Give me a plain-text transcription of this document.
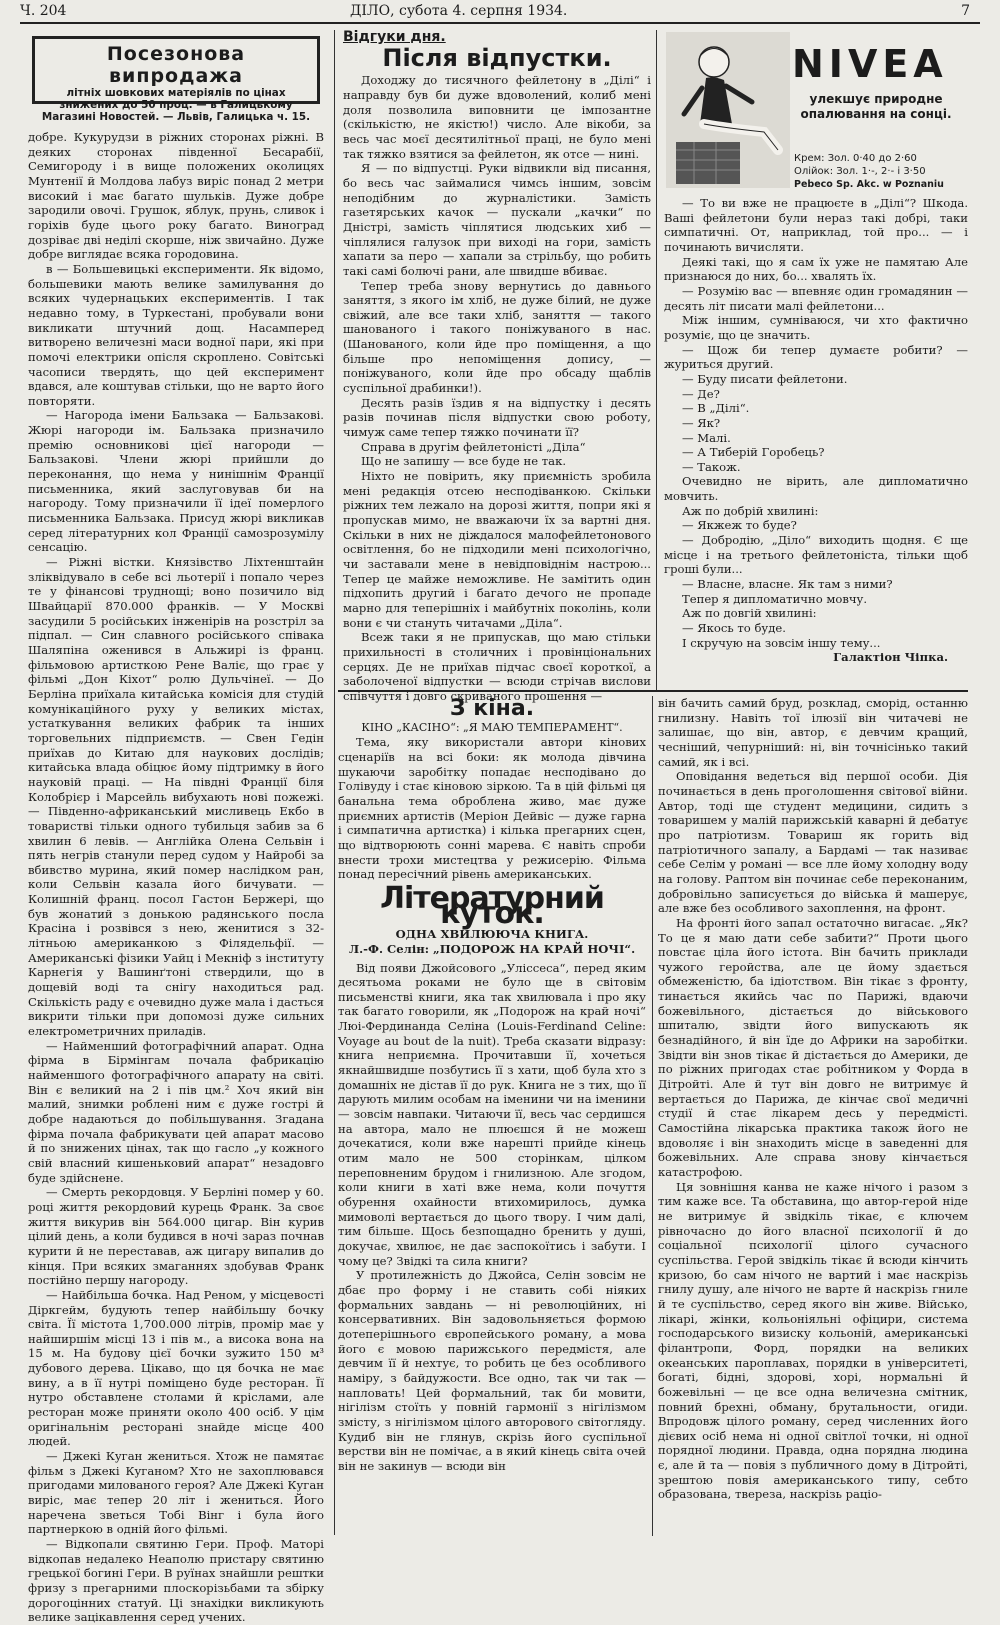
Ч. 204	ДІЛО, субота 4. серпня 1934.	7
Посезонова випродажа
літніх шовкових матеріялів по цінах знижених до 50 проц. — в Галицькому Магазині Новостей. — Львів, Галицька ч. 15.

добре. Кукурудзи в ріжних сторонах ріжні. В деяких сторонах південної Бесарабії, Семигороду і в вище положених околицях Мунтенії й Молдова лабуз виріс понад 2 метри високий і має багато шульків. Дуже добре зародили овочі. Грушок, яблук, прунь, сливок і горіхів буде цього року багато. Виноград дозріває дві неділі скорше, ніж звичайно. Дуже добре виглядає всяка городовина.

в — Большевицькі експерименти. Як відомо, большевики мають велике замилування до всяких чудернацьких експериментів. І так недавно тому, в Туркестані, пробували вони викликати штучний дощ. Насамперед витворено величезні маси водної пари, які при помочі електрики опісля скроплено. Совітські часописи твердять, що цей експеримент вдався, але коштував стільки, що не варто його повторяти.

— Нагорода імени Бальзака — Бальзакові. Жюрі нагороди ім. Бальзака призначило премію основникові цієї нагороди — Бальзакові. Члени жюрі прийшли до переконання, що нема у нинішнім Франції письменника, який заслуговував би на нагороду. Тому призначили її ідеї померлого письменника Бальзака. Присуд жюрі викликав серед літературних кол Франції самозрозумілу сенсацію.

— Ріжні вістки. Князівство Ліхтенштайн зліквідувало в себе всі льотерії і попало через те у фінансові труднощі; воно позичило від Швайцарії 870.000 франків. — У Москві засудили 5 російських інженірів на розстріл за підпал. — Син славного російського співака Шаляпіна оженився в Альжирі із франц. фільмовою артисткою Рене Валіє, що грає у фільмі „Дон Кіхот“ ролю Дульчінеї. — До Берліна приїхала китайська комісія для студій комунікаційного руху у великих містах, устаткування великих фабрик та інших торговельних підприємств. — Свен Гедін приїхав до Китаю для наукових дослідів; китайська влада обіцює йому підтримку в його науковій праці. — На півдні Франції біля Колобрієр і Марсейль вибухають нові пожежі. — Південно-африканський мисливець Екбо в товаристві тільки одного тубильця забив за 6 хвилин 6 левів. — Англійка Олена Сельвін і пять негрів станули перед судом у Найробі за вбивство мурина, який помер наслідком ран, коли Сельвін казала його бичувати. — Колишній франц. посол Гастон Бержері, що був жонатий з донькою радянського посла Красіна і розвівся з нею, женитися з 32-літньою американкою з Філядельфії. — Американські фізики Уайц і Мекніф з інституту Карнегія у Вашинґтоні ствердили, що в дощевій воді та снігу находиться рад. Скількість раду є очевидно дуже мала і дасться викрити тільки при допомозі дуже сильних електрометричних приладів.

— Найменший фотографічний апарат. Одна фірма в Бірмінгам почала фабрикацію найменшого фотографічного апарату на світі. Він є великий на 2 і пів цм.² Хоч який він малий, знимки роблені ним є дуже гострі й добре надаються до побільшування. Згадана фірма почала фабрикувати цей апарат масово й по знижених цінах, так що гасло „у кожного свій власний кишеньковий апарат“ незадовго буде здійснене.

— Смерть рекордовця. У Берліні помер у 60. році життя рекордовий курець Франк. За своє життя викурив він 564.000 цигар. Він курив цілий день, а коли будився в ночі зараз почнав курити й не переставав, аж цигару випалив до кінця. При всяких змаганнях здобував Франк постійно першу нагороду.

— Найбільша бочка. Над Реном, у місцевості Діркгейм, будують тепер найбільшу бочку світа. Її містота 1,700.000 літрів, промір має у найширшім місці 13 і пів м., а висока вона на 15 м. На будову цієї бочки зужито 150 м³ дубового дерева. Цікаво, що ця бочка не має вину, а в її нутрі поміщено буде ресторан. Її нутро обставлене столами й кріслами, але ресторан може приняти около 400 осіб. У цім оригінальнім ресторані знайде місце 400 людей.

— Джекі Куган жениться. Хтож не памятає фільм з Джекі Куганом? Хто не захоплювався пригодами милованого героя? Але Джекі Куган виріс, має тепер 20 літ і жениться. Його наречена зветься Тобі Вінг і була його партнеркою в одній його фільмі.

— Відкопали святиню Гери. Проф. Маторі відкопав недалеко Неаполю пристару святиню грецької богині Гери. В руїнах знайшли рештки фризу з прегарними плоскорізьбами та збірку дорогоцінних статуй. Ці знахідки викликують велике зацікавлення серед учених.

Відгуки дня.
Після відпустки.

Доходжу до тисячного фейлетону в „Ділі“ і направду був би дуже вдоволений, колиб мені доля позволила виповнити це імпозантне (скількістю, не якістю!) число. Але вікоби, за весь час моєї десятилітньої праці, не було мені так тяжко взятися за фейлетон, як отсе — нині.

Я — по відпустці. Руки відвикли від писання, бо весь час займалися чимсь іншим, зовсім неподібним до журналістики. Замість газетярських качок — пускали „качки“ по Дністрі, замість чіплятися людських хиб — чіплялися галузок при виході на гори, замість хапати за перо — хапали за стрільбу, що робить такі самі болючі рани, але швидше вбиває.

Тепер треба знову вернутись до давнього заняття, з якого ім хліб, не дуже білий, не дуже свіжий, але все таки хліб, заняття — такого шанованого і такого поніжуваного в нас. (Шанованого, коли йде про поміщення, а що більше про непоміщення допису, — поніжуваного, коли йде про обсаду щаблів суспільної драбинки!).

Десять разів їздив я на відпустку і десять разів починав після відпустки свою роботу, чимуж саме тепер тяжко починати її?

Справа в другім фейлетоністі „Діла“

Що не запишу — все буде не так.

Ніхто не повірить, яку приємність зробила мені редакція отсею несподіванкою. Скільки ріжних тем лежало на дорозі життя, попри які я пропускав мимо, не вважаючи їх за вартні дня. Скільки в них не діждалося малофейлетонового освітлення, бо не підходили мені психологічно, чи заставали мене в невідповіднім настрою... Тепер це майже неможливе. Не замітить один підхопить другий і багато дечого не пропаде марно для теперішніх і майбутніх поколінь, коли вони є чи стануть читачами „Діла“.

Всеж таки я не припускав, що маю стільки прихильності в столичних і провінціональних серцях. Де не приїхав підчас своєї короткої, а заболоченої відпустки — всюди стрічав вислови співчуття і довго скриваного прошення —

NIVEA
улекшує природне опалювання на сонці.
Крем: Зол. 0·40 до 2·60
Олійок: Зол. 1·-, 2·- і 3·50
Pebeco Sp. Akc. w Poznaniu

— То ви вже не працюєте в „Ділі“? Шкода. Ваші фейлетони були нераз такі добрі, таки симпатичні. От, наприклад, той про... — і починають вичисляти.

Деякі такі, що я сам їх уже не памятаю Але признаюся до них, бо... хвалять їх.

— Розумію вас — впевняє один громадянин — десять літ писати малі фейлетони...

Між іншим, сумніваюся, чи хто фактично розуміє, що це значить.

— Щож би тепер думаєте робити? — журиться другий.

— Буду писати фейлетони.

— Де?

— В „Ділі“.

— Як?

— Малі.

— А Тиберій Горобець?

— Також.

Очевидно не вірить, але дипломатично мовчить.

Аж по добрій хвилині:

— Якжеж то буде?

— Добродію, „Діло“ виходить щодня. Є ще місце і на третього фейлетоніста, тільки щоб гроші були...

— Власне, власне. Як там з ними?

Тепер я дипломатично мовчу.

Аж по довгій хвилині:

— Якось то буде.

І скручую на зовсім іншу тему...

Галактіон Чіпка.

З кіна.

КІНО „КАСІНО“: „Я МАЮ ТЕМПЕРАМЕНТ“.

Тема, яку використали автори кінових сценаріїв на всі боки: як молода дівчина шукаючи заробітку попадає несподівано до Голівуду і стає кіновою зіркою. Та в цій фільмі ця банальна тема оброблена живо, має дуже приємних артистів (Меріон Дейвіс — дуже гарна і симпатична артистка) і кілька прегарних сцен, що відтворюють сонні марева. Є навіть спроби внести трохи мистецтва у режисерію. Фільма понад пересічний рівень американських.

Літературний куток.

ОДНА ХВИЛЮЮЧА КНИГА.

Л.-Ф. Селін: „ПОДОРОЖ НА КРАЙ НОЧІ“.

Від появи Джойсового „Улісcеса“, перед яким десятьома роками не було ще в світовім письменстві книги, яка так хвилювала і про яку так багато говорили, як „Подорож на край ночі“ Люі-Фердинанда Селіна (Louis-Ferdinand Celine: Voyage au bout de la nuit). Треба сказати відразу: книга неприємна. Прочитавши її, хочеться якнайшвидше позбутись її з хати, щоб була хто з домашніх не дістав її до рук. Книга не з тих, що її дарують милим особам на іменини чи на іменини — зовсім навпаки. Читаючи її, весь час сердишся на автора, мало не плюєшся й не можеш дочекатися, коли вже нарешті прийде кінець отим мало не 500 сторінкам, цілком переповненим брудом і гнилизною. Але згодом, коли книги в хаті вже нема, коли почуття обурення охайности втихомирилось, думка мимоволі вертається до цього твору. І чим далі, тим більше. Щось безпощадно бренить у душі, докучає, хвилює, не дає заспокоїтись і забути. І чому це? Звідкі та сила книги?

У протилежність до Джойса, Селін зовсім не дбає про форму і не ставить собі ніяких формальних завдань — ні революційних, ні консервативних. Він задовольняється формою дотеперішнього європейського роману, а мова його є мовою парижського передмістя, але девчим її й нехтує, то робить це без особливого наміру, з байдужости. Все одно, так чи так — напловать! Цей формальний, так би мовити, нігілізм стоїть у повній гармонії з нігілізмом змісту, з нігілізмом цілого авторового світогляду. Кудиб він не глянув, скрізь його суспільної верстви він не помічає, а в який кінець світа очей він не закинув — всюди він

він бачить самий бруд, розклад, сморід, останню гнилизну. Навіть тої ілюзії він читачеві не залишає, що він, автор, є девчим кращий, чесніший, чепурніший: ні, він точнісінько такий самий, як і всі.

Оповідання ведеться від першої особи. Дія починається в день проголошення світової війни. Автор, тоді ще студент медицини, сидить з товаришем у малій парижській каварні й дебатує про патріотизм. Товариш як горить від патріотичного запалу, а Бардамі — так називає себе Селім у романі — все лле йому холодну воду на голову. Раптом він починає себе переконаним, добровільно записується до війська й машерує, але вже без особливого захоплення, на фронт.

На фронті його запал остаточно вигасає. „Як? То це я маю дати себе забити?“ Проти цього повстає ціла його істота. Він бачить приклади чужого геройства, але це йому здається обмеженістю, ба ідіотством. Він тікає з фронту, тинається якийсь час по Парижі, вдаючи божевільного, дістається до військового шпиталю, звідти його випускають як безнадійного, й він їде до Африки на заробітки. Звідти він знов тікає й дістається до Америки, де по ріжних пригодах стає робітником у Форда в Дітройті. Але й тут він довго не витримує й вертається до Парижа, де кінчає свої медичні студії й стає лікарем десь у передмісті. Самостійна лікарська практика також його не вдоволяє і він знаходить місце в заведенні для божевільних. Але справа знову кінчається катастрофою.

Ця зовнішня канва не каже нічого і разом з тим каже все. Та обставина, що автор-герой ніде не витримує й звідкіль тікає, є ключем рівночасно до його власної психології й до соціальної психології цілого сучасного суспільства. Герой звідкіль тікає й всюди кінчить кризою, бо сам нічого не вартий і має наскрізь гнилу душу, але нічого не варте й наскрізь гниле й те суспільство, серед якого він живе. Військо, лікарі, жінки, кольоніяльні офіцири, система господарського визиску кольоній, американські філантропи, Форд, порядки на великих океанських пароплавах, порядки в університеті, богаті, бідні, здорові, хорі, нормальні й божевільні — це все одна величезна смітник, повний брехні, обману, брутальности, огиди. Впродовж цілого роману, серед численних його дієвих осіб нема ні одної світлої точки, ні одної порядної людини. Правда, одна порядна людина є, але й та — повія з публичного дому в Дітройті, зрештою повія американського типу, себто образована, твереза, наскрізь раціо-
